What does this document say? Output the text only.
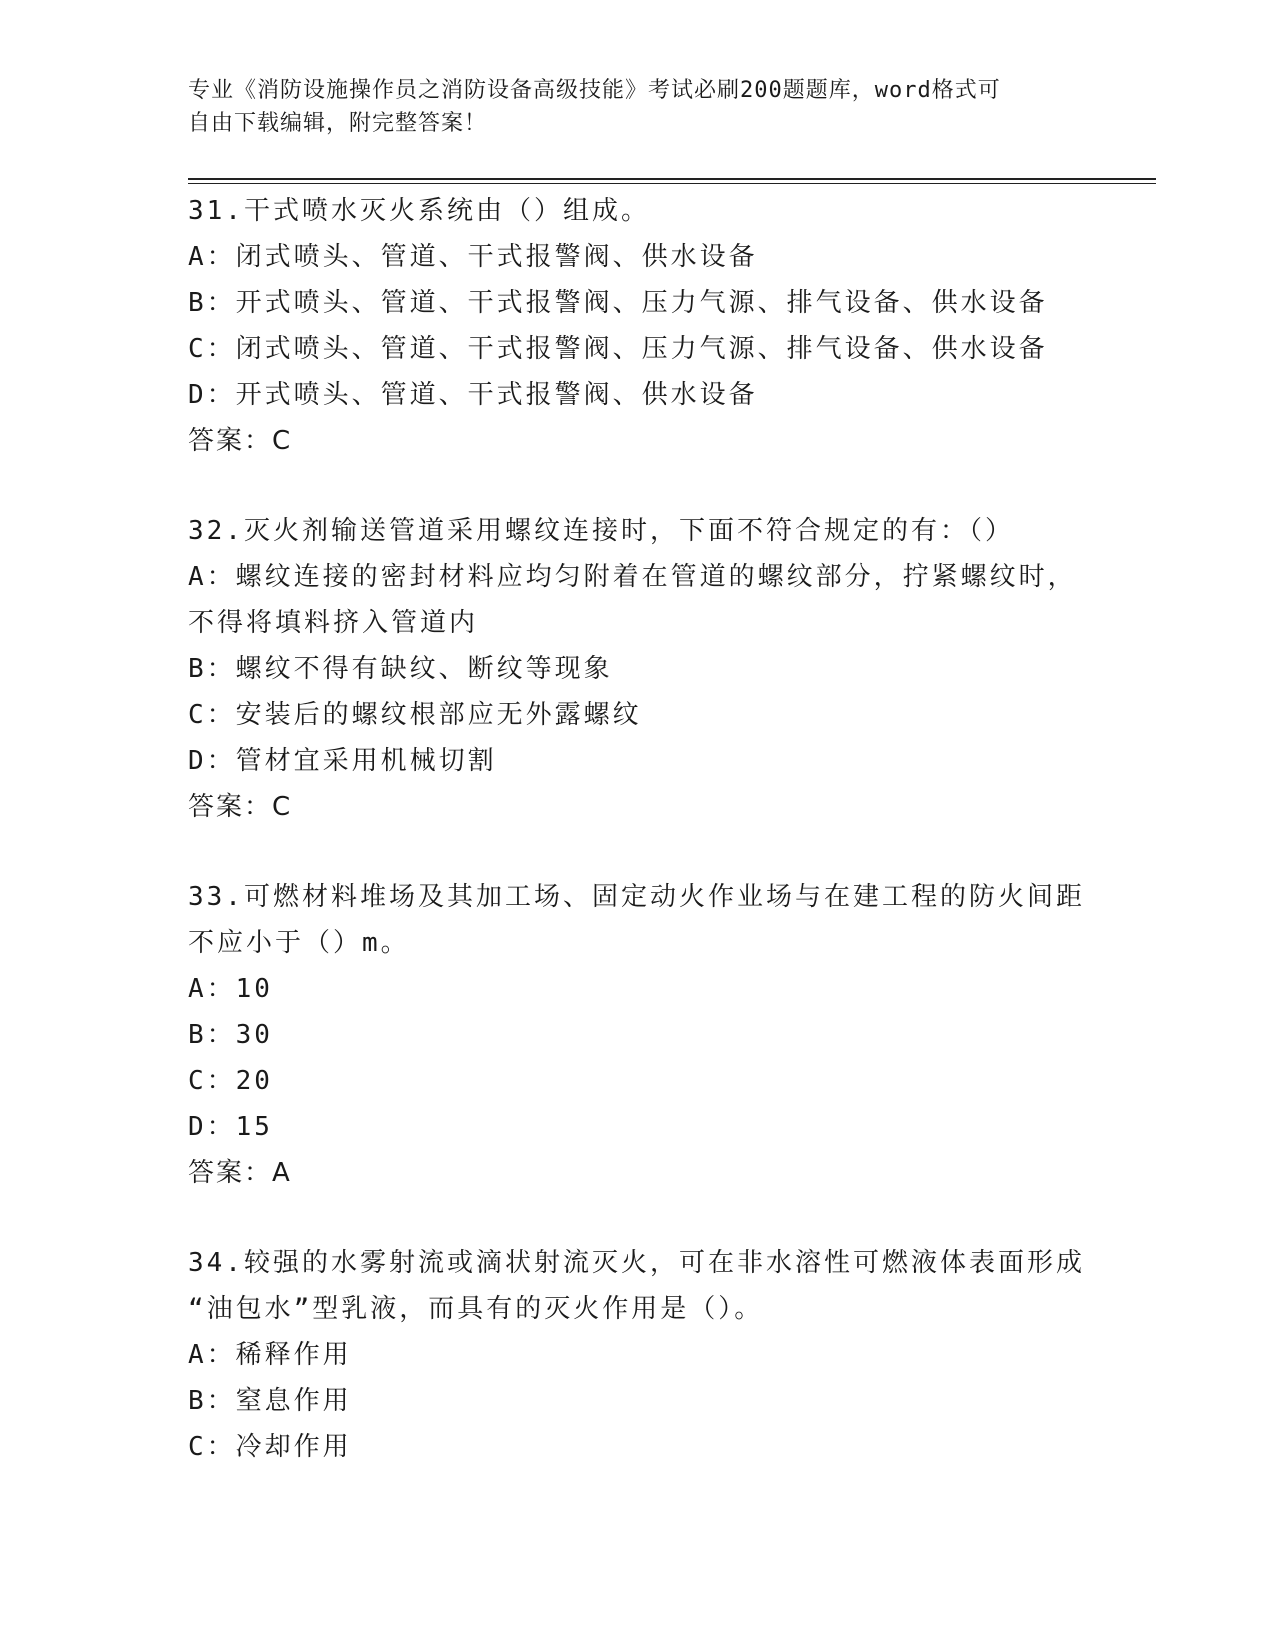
专业《消防设施操作员之消防设备高级技能》考试必刷200题题库，word格式可
自由下载编辑，附完整答案！
31.干式喷水灭火系统由（）组成。
A：闭式喷头、管道、干式报警阀、供水设备
B：开式喷头、管道、干式报警阀、压力气源、排气设备、供水设备
C：闭式喷头、管道、干式报警阀、压力气源、排气设备、供水设备
D：开式喷头、管道、干式报警阀、供水设备
答案：C
32.灭火剂输送管道采用螺纹连接时，下面不符合规定的有：（）
A：螺纹连接的密封材料应均匀附着在管道的螺纹部分，拧紧螺纹时，
不得将填料挤入管道内
B：螺纹不得有缺纹、断纹等现象
C：安装后的螺纹根部应无外露螺纹
D：管材宜采用机械切割
答案：C
33.可燃材料堆场及其加工场、固定动火作业场与在建工程的防火间距
不应小于（）m。
A：10
B：30
C：20
D：15
答案：A
34.较强的水雾射流或滴状射流灭火，可在非水溶性可燃液体表面形成
“油包水”型乳液，而具有的灭火作用是（）。
A：稀释作用
B：窒息作用
C：冷却作用
